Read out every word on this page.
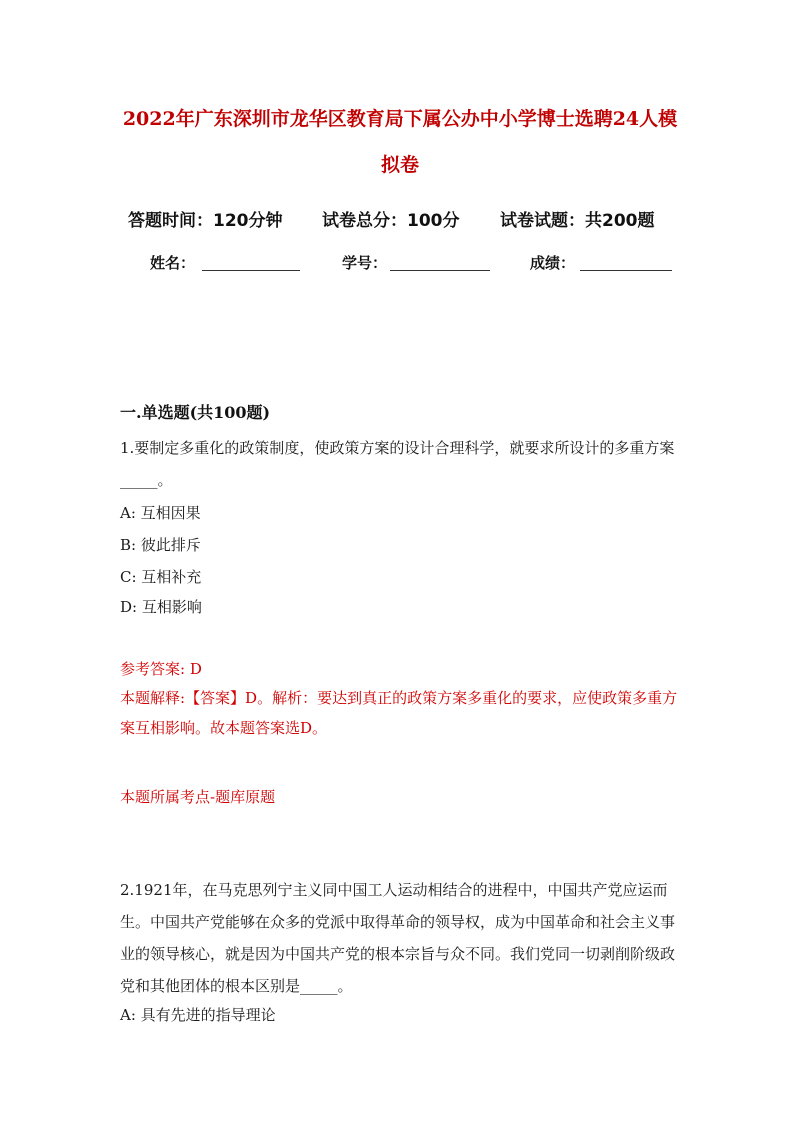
2022年广东深圳市龙华区教育局下属公办中小学博士选聘24人模
拟卷
答题时间：120分钟 试卷总分：100分 试卷试题：共200题
姓名：	学号：	成绩：
一.单选题(共100题)
1.要制定多重化的政策制度，使政策方案的设计合理科学，就要求所设计的多重方案_____。
A: 互相因果
B: 彼此排斥
C: 互相补充
D: 互相影响
参考答案: D
本题解释:【答案】D。解析：要达到真正的政策方案多重化的要求，应使政策多重方案互相影响。故本题答案选D。
本题所属考点-题库原题
2.1921年，在马克思列宁主义同中国工人运动相结合的进程中，中国共产党应运而生。中国共产党能够在众多的党派中取得革命的领导权，成为中国革命和社会主义事业的领导核心，就是因为中国共产党的根本宗旨与众不同。我们党同一切剥削阶级政党和其他团体的根本区别是_____。
A: 具有先进的指导理论
